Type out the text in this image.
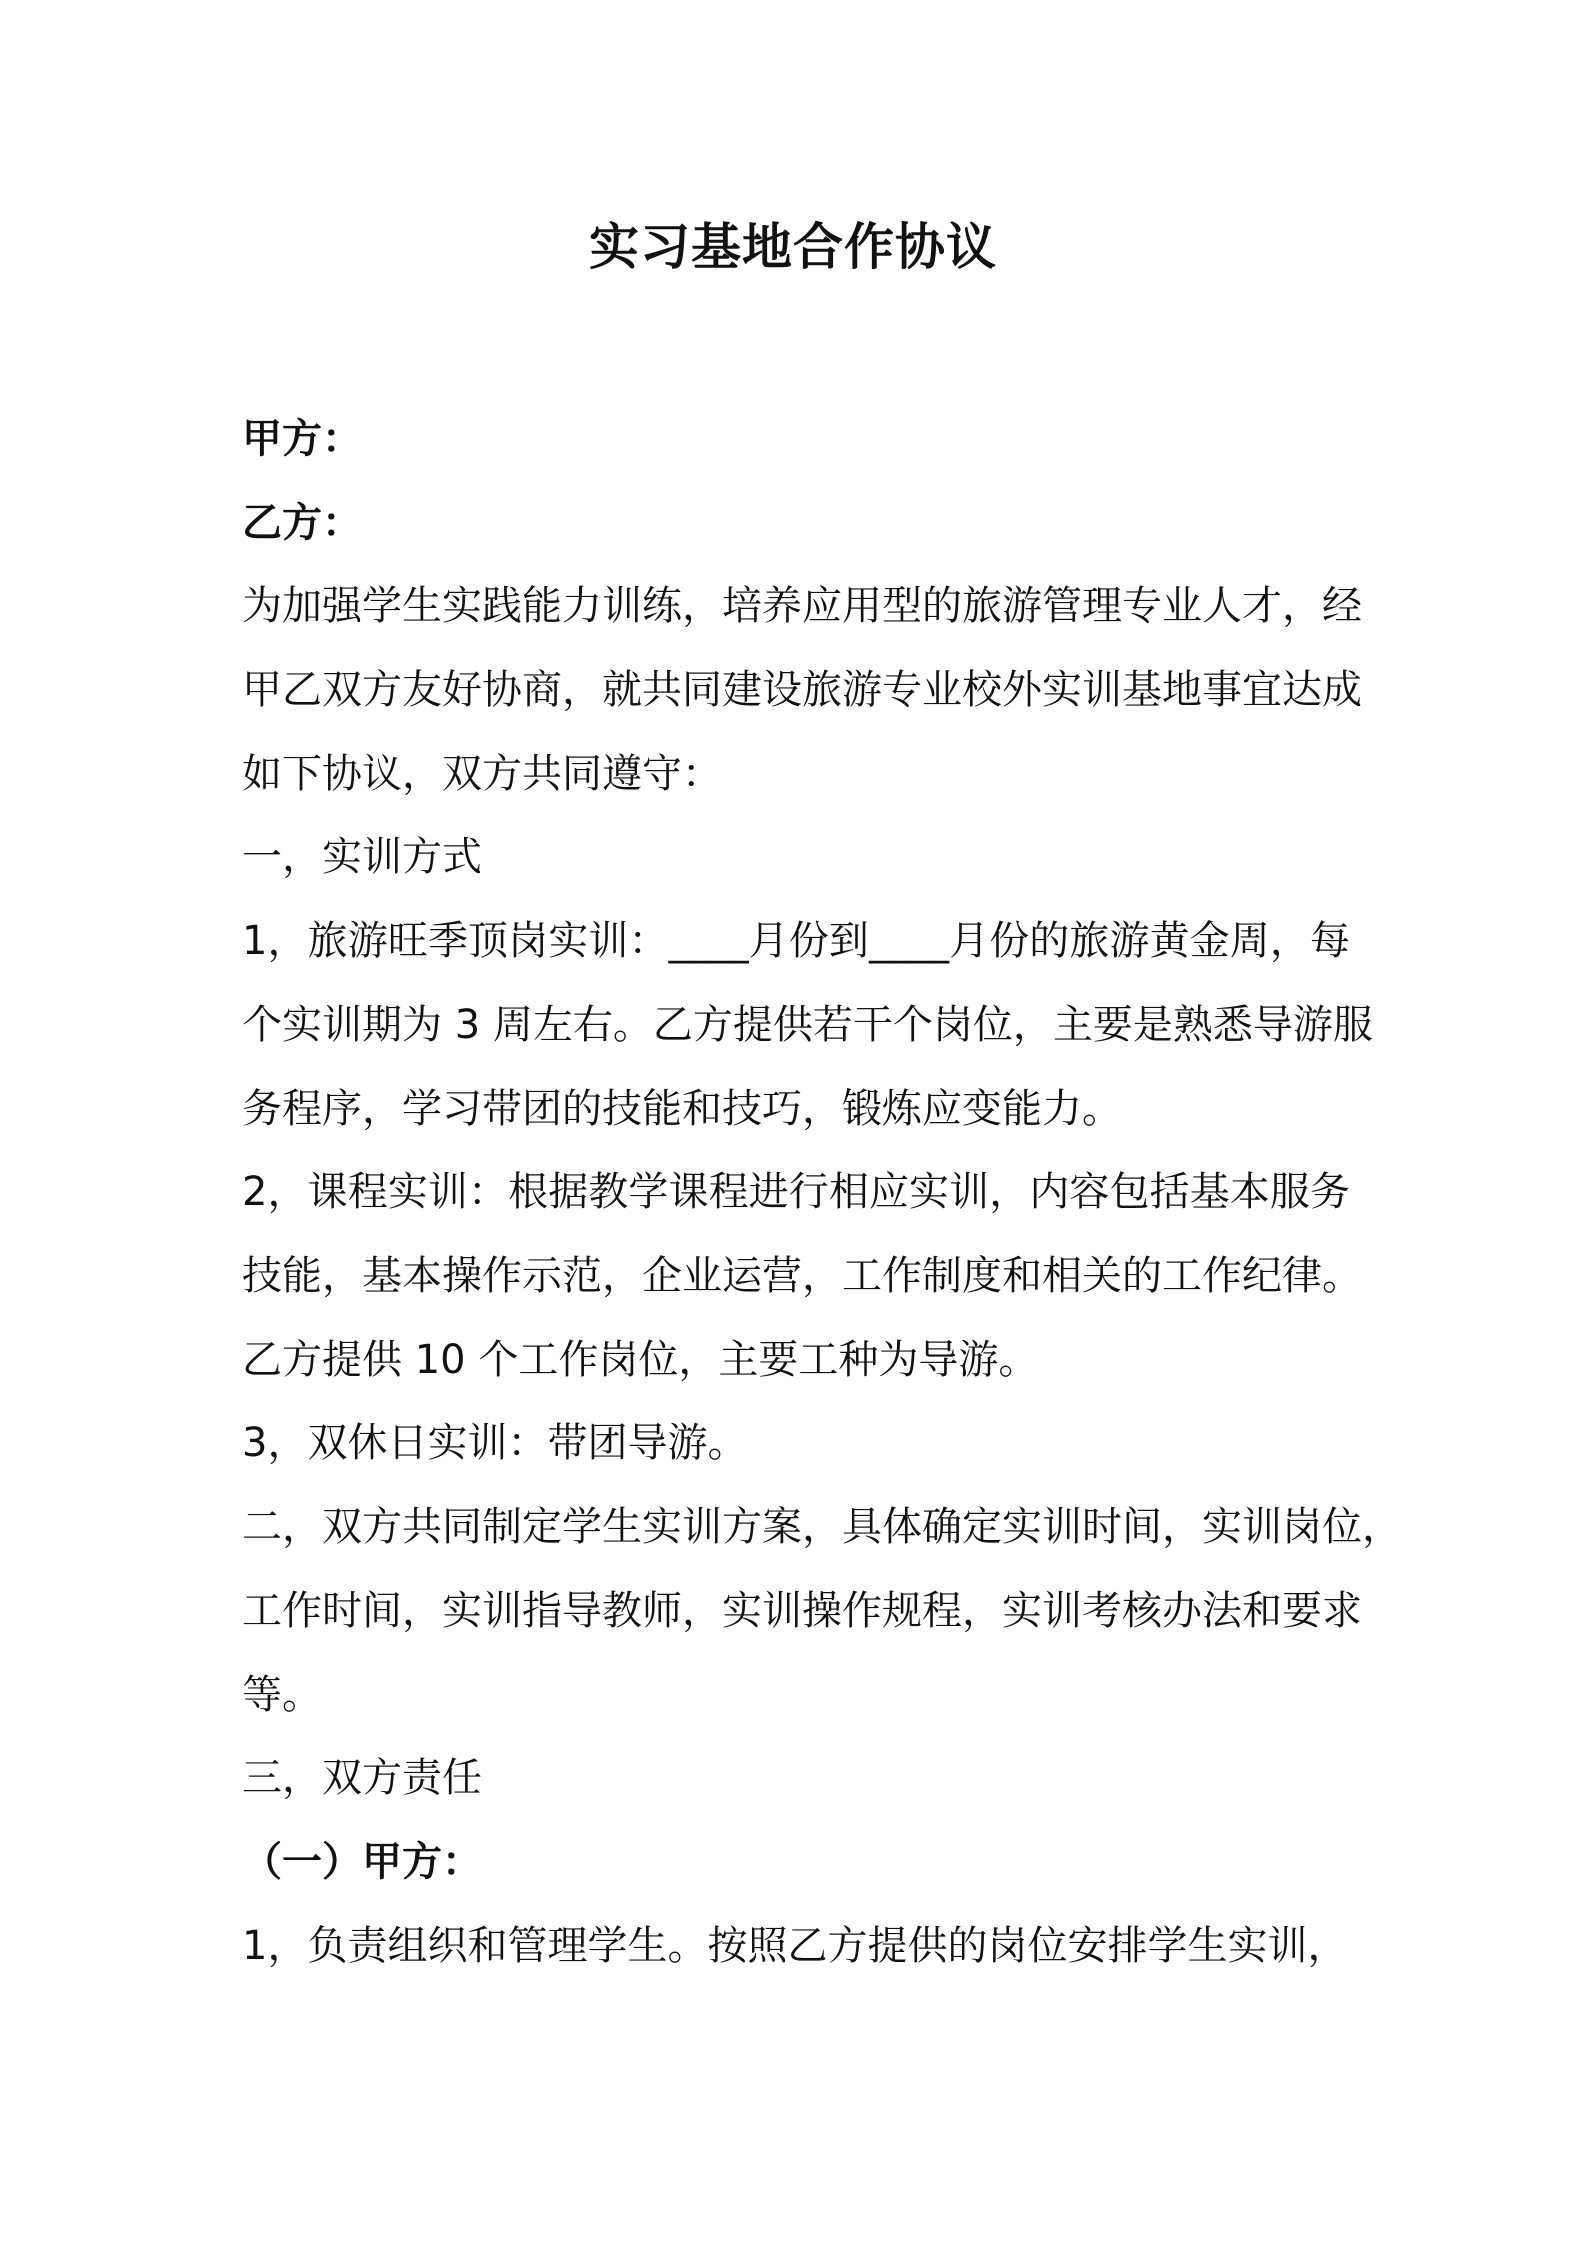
实习基地合作协议
甲方：
乙方：
为加强学生实践能力训练，培养应用型的旅游管理专业人才，经
甲乙双方友好协商，就共同建设旅游专业校外实训基地事宜达成
如下协议，双方共同遵守：
一，实训方式
1，旅游旺季顶岗实训：____月份到____月份的旅游黄金周，每
个实训期为 3 周左右。乙方提供若干个岗位，主要是熟悉导游服
务程序，学习带团的技能和技巧，锻炼应变能力。
2，课程实训：根据教学课程进行相应实训，内容包括基本服务
技能，基本操作示范，企业运营，工作制度和相关的工作纪律。
乙方提供 10 个工作岗位，主要工种为导游。
3，双休日实训：带团导游。
二，双方共同制定学生实训方案，具体确定实训时间，实训岗位，
工作时间，实训指导教师，实训操作规程，实训考核办法和要求
等。
三，双方责任
（一）甲方：
1，负责组织和管理学生。按照乙方提供的岗位安排学生实训，
